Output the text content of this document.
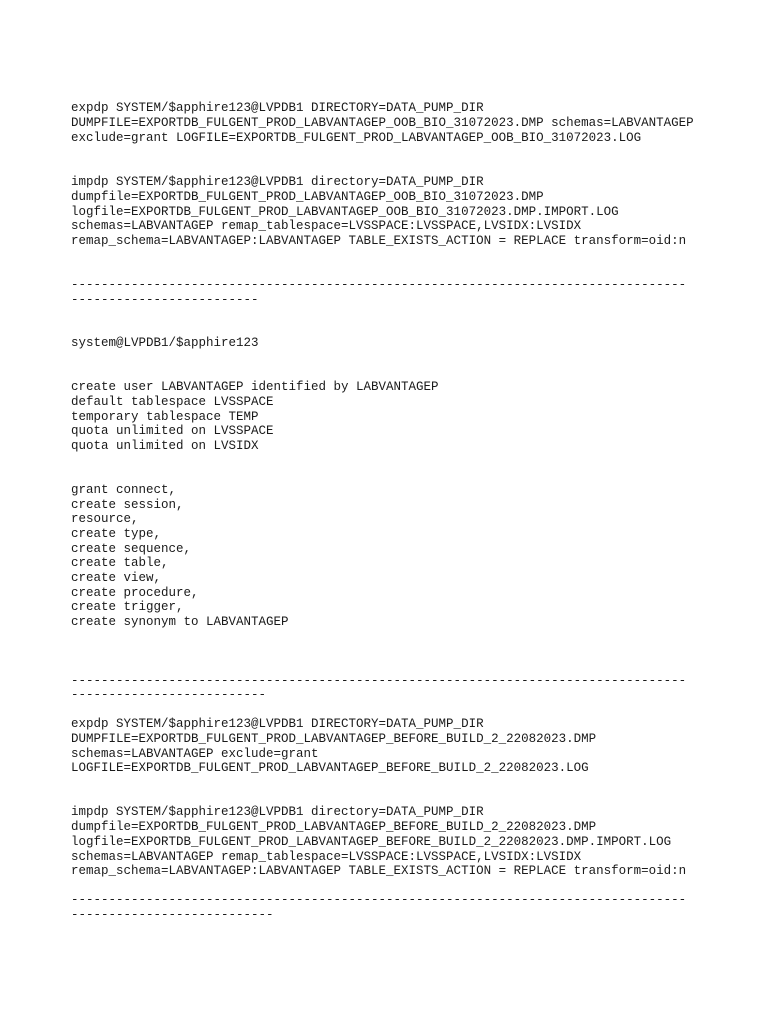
expdp SYSTEM/$apphire123@LVPDB1 DIRECTORY=DATA_PUMP_DIR

DUMPFILE=EXPORTDB_FULGENT_PROD_LABVANTAGEP_OOB_BIO_31072023.DMP schemas=LABVANTAGEP

exclude=grant LOGFILE=EXPORTDB_FULGENT_PROD_LABVANTAGEP_OOB_BIO_31072023.LOG

impdp SYSTEM/$apphire123@LVPDB1 directory=DATA_PUMP_DIR

dumpfile=EXPORTDB_FULGENT_PROD_LABVANTAGEP_OOB_BIO_31072023.DMP

logfile=EXPORTDB_FULGENT_PROD_LABVANTAGEP_OOB_BIO_31072023.DMP.IMPORT.LOG

schemas=LABVANTAGEP remap_tablespace=LVSSPACE:LVSSPACE,LVSIDX:LVSIDX

remap_schema=LABVANTAGEP:LABVANTAGEP TABLE_EXISTS_ACTION = REPLACE transform=oid:n

----------------------------------------------------------------------------------

-------------------------

system@LVPDB1/$apphire123

create user LABVANTAGEP identified by LABVANTAGEP

default tablespace LVSSPACE

temporary tablespace TEMP

quota unlimited on LVSSPACE

quota unlimited on LVSIDX

grant connect,

create session,

resource,

create type,

create sequence,

create table,

create view,

create procedure,

create trigger,

create synonym to LABVANTAGEP

----------------------------------------------------------------------------------

--------------------------

expdp SYSTEM/$apphire123@LVPDB1 DIRECTORY=DATA_PUMP_DIR

DUMPFILE=EXPORTDB_FULGENT_PROD_LABVANTAGEP_BEFORE_BUILD_2_22082023.DMP

schemas=LABVANTAGEP exclude=grant

LOGFILE=EXPORTDB_FULGENT_PROD_LABVANTAGEP_BEFORE_BUILD_2_22082023.LOG

impdp SYSTEM/$apphire123@LVPDB1 directory=DATA_PUMP_DIR

dumpfile=EXPORTDB_FULGENT_PROD_LABVANTAGEP_BEFORE_BUILD_2_22082023.DMP

logfile=EXPORTDB_FULGENT_PROD_LABVANTAGEP_BEFORE_BUILD_2_22082023.DMP.IMPORT.LOG

schemas=LABVANTAGEP remap_tablespace=LVSSPACE:LVSSPACE,LVSIDX:LVSIDX

remap_schema=LABVANTAGEP:LABVANTAGEP TABLE_EXISTS_ACTION = REPLACE transform=oid:n

----------------------------------------------------------------------------------

---------------------------
